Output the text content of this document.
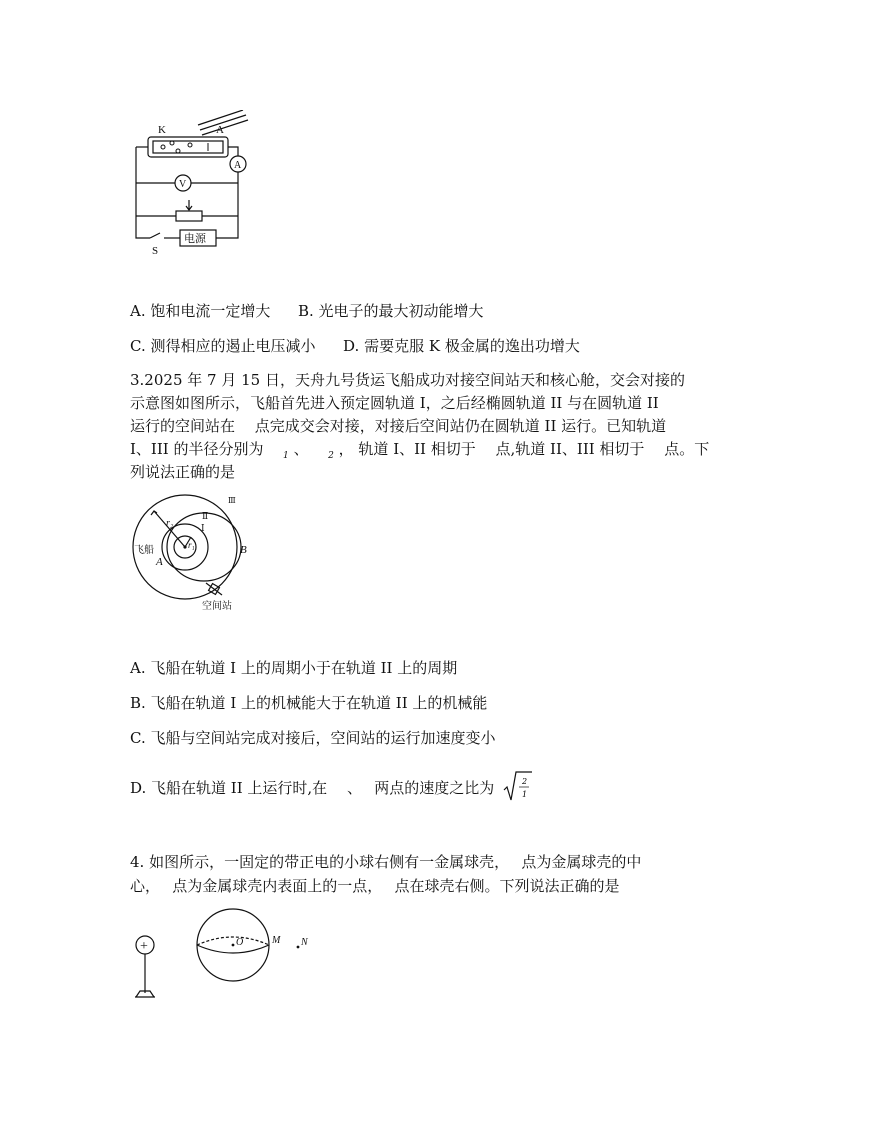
K	A
A
V
S
电源
A. 饱和电流一定增大 B. 光电子的最大初动能增大
C. 测得相应的遏止电压减小 D. 需要克服 K 极金属的逸出功增大
3.2025 年 7 月 15 日，天舟九号货运飞船成功对接空间站天和核心舱，交会对接的
示意图如图所示，飞船首先进入预定圆轨道 I，之后经椭圆轨道 II 与在圆轨道 II
运行的空间站在　 点完成交会对接，对接后空间站仍在圆轨道 II 运行。已知轨道
I、III 的半径分别为 $_1$ 、 $_2$ ， 轨道 I、II 相切于　 点,轨道 II、III 相切于　 点。下
列说法正确的是
r₂
r₁
Ⅲ
Ⅱ
Ⅰ
飞船
A
B
空间站
A. 飞船在轨道 I 上的周期小于在轨道 II 上的周期
B. 飞船在轨道 I 上的机械能大于在轨道 II 上的机械能
C. 飞船与空间站完成对接后，空间站的运行加速度变小
D. 飞船在轨道 II 上运行时,在　 、　 两点的速度之比为	2
1
4. 如图所示，一固定的带正电的小球右侧有一金属球壳，　 点为金属球壳的中
心，　 点为金属球壳内表面上的一点，　 点在球壳右侧。下列说法正确的是
+	O	M N
